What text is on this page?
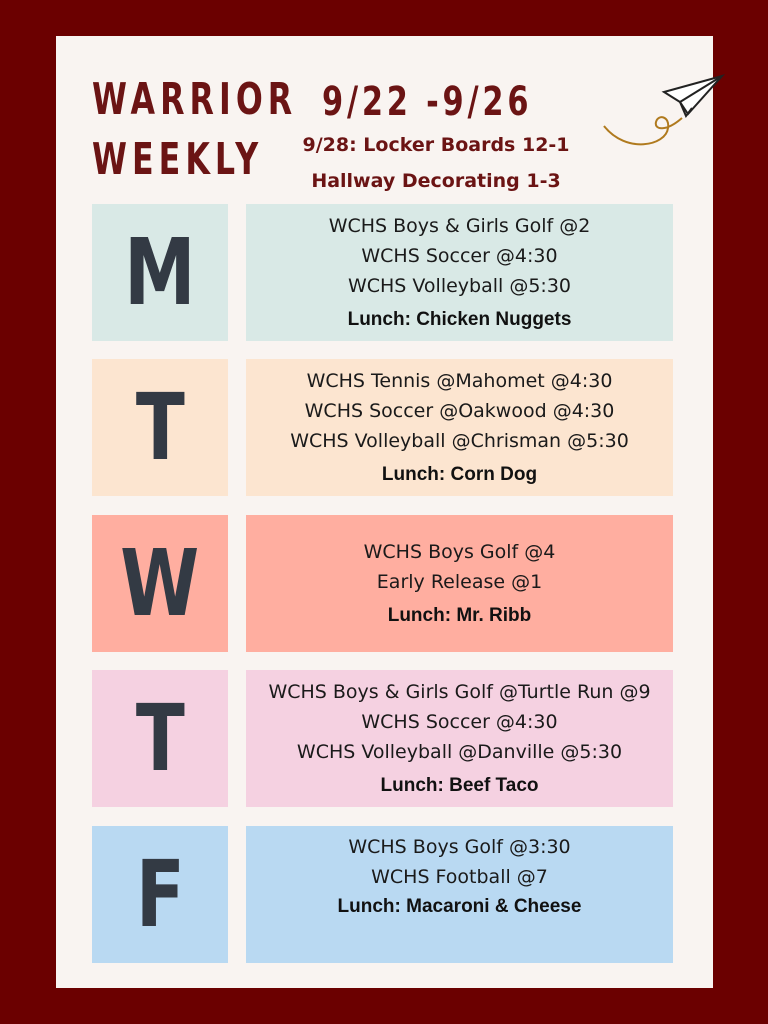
WARRIOR
WEEKLY
9/22 -9/26
9/28: Locker Boards 12-1
Hallway Decorating 1-3
M	WCHS Boys & Girls Golf @2
WCHS Soccer @4:30
WCHS Volleyball @5:30
Lunch: Chicken Nuggets
T	WCHS Tennis @Mahomet @4:30
WCHS Soccer @Oakwood @4:30
WCHS Volleyball @Chrisman @5:30
Lunch: Corn Dog
W	WCHS Boys Golf @4
Early Release @1
Lunch: Mr. Ribb
T	WCHS Boys & Girls Golf @Turtle Run @9
WCHS Soccer @4:30
WCHS Volleyball @Danville @5:30
Lunch: Beef Taco
F	WCHS Boys Golf @3:30
WCHS Football @7
Lunch: Macaroni & Cheese
